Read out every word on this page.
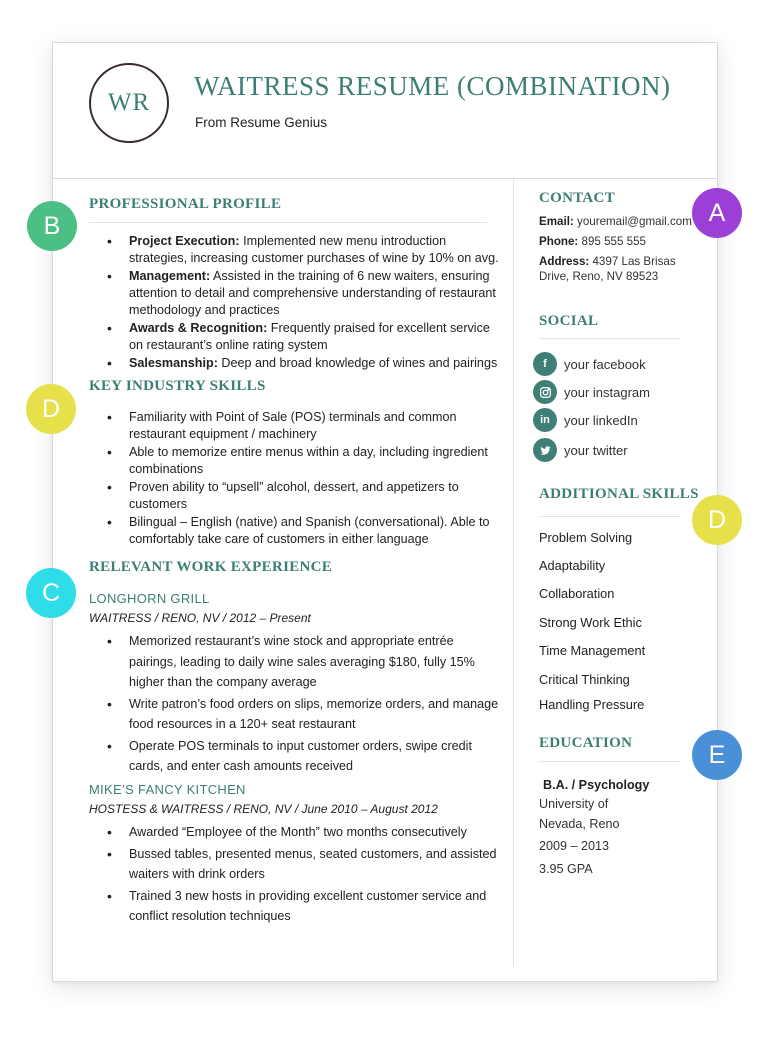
WR
WAITRESS RESUME (COMBINATION)
From Resume Genius
PROFESSIONAL PROFILE
• Project Execution: Implemented new menu introduction strategies, increasing customer purchases of wine by 10% on avg.
• Management: Assisted in the training of 6 new waiters, ensuring attention to detail and comprehensive understanding of restaurant methodology and practices
• Awards & Recognition: Frequently praised for excellent service on restaurant’s online rating system
• Salesmanship: Deep and broad knowledge of wines and pairings
KEY INDUSTRY SKILLS
• Familiarity with Point of Sale (POS) terminals and common restaurant equipment / machinery
• Able to memorize entire menus within a day, including ingredient combinations
• Proven ability to “upsell” alcohol, dessert, and appetizers to customers
• Bilingual – English (native) and Spanish (conversational). Able to comfortably take care of customers in either language
RELEVANT WORK EXPERIENCE
LONGHORN GRILL
WAITRESS / RENO, NV / 2012 – Present
• Memorized restaurant’s wine stock and appropriate entrée pairings, leading to daily wine sales averaging $180, fully 15% higher than the company average
• Write patron’s food orders on slips, memorize orders, and manage food resources in a 120+ seat restaurant
• Operate POS terminals to input customer orders, swipe credit cards, and enter cash amounts received
MIKE’S FANCY KITCHEN
HOSTESS & WAITRESS / RENO, NV / June 2010 – August 2012
• Awarded “Employee of the Month” two months consecutively
• Bussed tables, presented menus, seated customers, and assisted waiters with drink orders
• Trained 3 new hosts in providing excellent customer service and conflict resolution techniques
CONTACT
Email: youremail@gmail.com
Phone: 895 555 555
Address: 4397 Las Brisas
Drive, Reno, NV 89523
SOCIAL
f	your facebook
your instagram
in	your linkedIn
your twitter
ADDITIONAL SKILLS
Problem Solving
Adaptability
Collaboration
Strong Work Ethic
Time Management
Critical Thinking
Handling Pressure
EDUCATION
B.A. / Psychology
University of
Nevada, Reno
2009 – 2013
3.95 GPA
A
B
D
C
D
E
